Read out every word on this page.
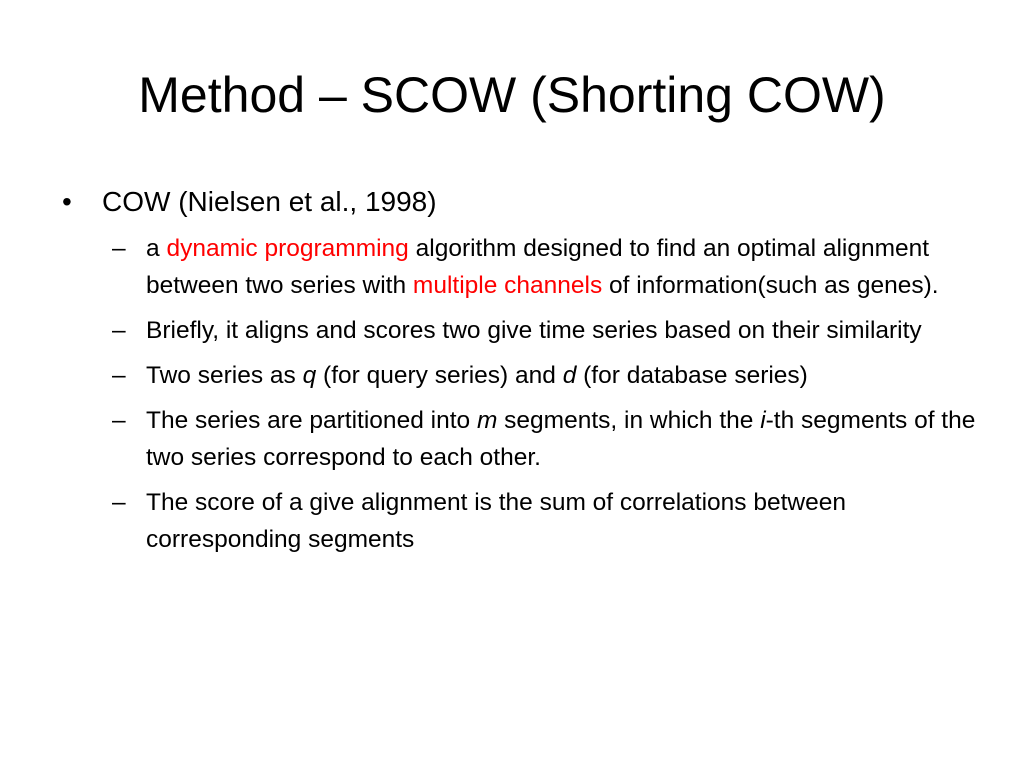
Method – SCOW (Shorting COW)
• COW (Nielsen et al., 1998)
– a dynamic programming algorithm designed to find an optimal alignment between two series with multiple channels of information(such as genes).
– Briefly, it aligns and scores two give time series based on their similarity
– Two series as q (for query series) and d (for database series)
– The series are partitioned into m segments, in which the i-th segments of the two series correspond to each other.
– The score of a give alignment is the sum of correlations between corresponding segments
